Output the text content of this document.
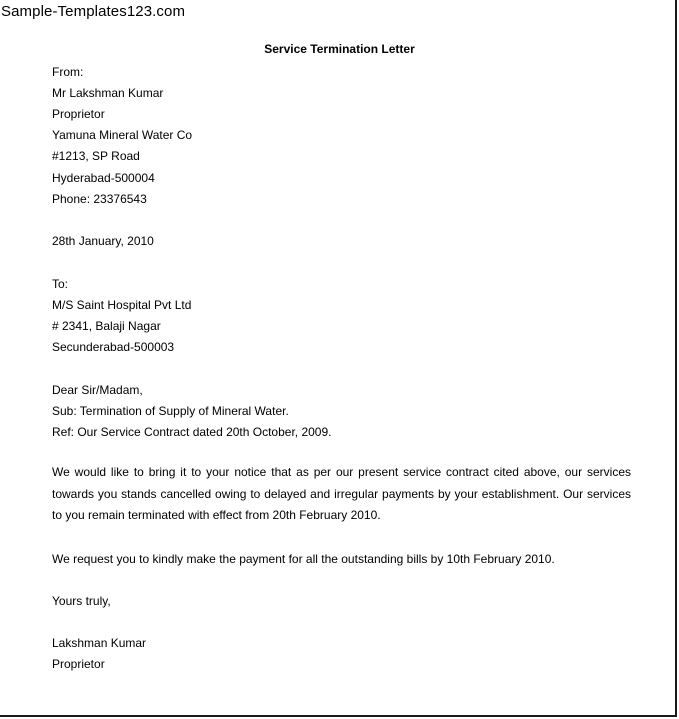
Sample-Templates123.com
Service Termination Letter
From:
Mr Lakshman Kumar
Proprietor
Yamuna Mineral Water Co
#1213, SP Road
Hyderabad-500004
Phone: 23376543
28th January, 2010
To:
M/S Saint Hospital Pvt Ltd
# 2341, Balaji Nagar
Secunderabad-500003
Dear Sir/Madam,
Sub: Termination of Supply of Mineral Water.
Ref: Our Service Contract dated 20th October, 2009.
We would like to bring it to your notice that as per our present service contract cited above, our services towards you stands cancelled owing to delayed and irregular payments by your establishment. Our services to you remain terminated with effect from 20th February 2010.
We request you to kindly make the payment for all the outstanding bills by 10th February 2010.
Yours truly,
Lakshman Kumar
Proprietor
